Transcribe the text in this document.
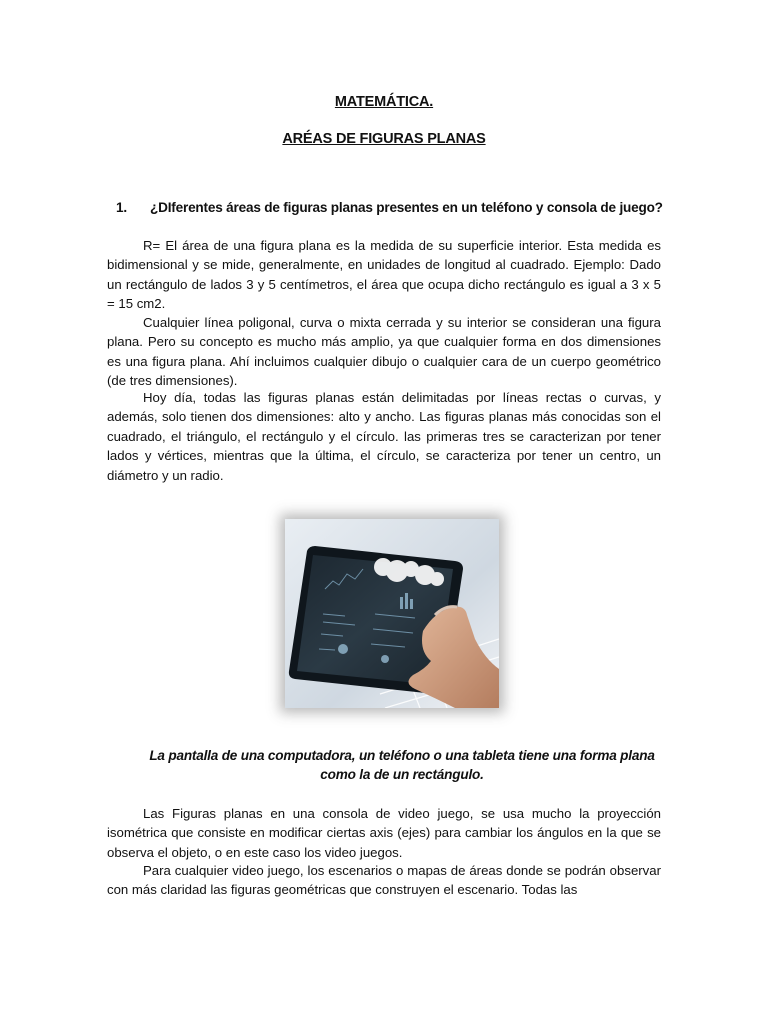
MATEMÁTICA.
ARÉAS DE FIGURAS PLANAS
1. ¿DIferentes áreas de figuras planas presentes en un teléfono y consola de juego?

R= El área de una figura plana es la medida de su superficie interior. Esta medida es bidimensional y se mide, generalmente, en unidades de longitud al cuadrado. Ejemplo: Dado un rectángulo de lados 3 y 5 centímetros, el área que ocupa dicho rectángulo es igual a 3 x 5 = 15 cm2.

Cualquier línea poligonal, curva o mixta cerrada y su interior se consideran una figura plana. Pero su concepto es mucho más amplio, ya que cualquier forma en dos dimensiones es una figura plana. Ahí incluimos cualquier dibujo o cualquier cara de un cuerpo geométrico (de tres dimensiones).

Hoy día, todas las figuras planas están delimitadas por líneas rectas o curvas, y además, solo tienen dos dimensiones: alto y ancho. Las figuras planas más conocidas son el cuadrado, el triángulo, el rectángulo y el círculo. las primeras tres se caracterizan por tener lados y vértices, mientras que la última, el círculo, se caracteriza por tener un centro, un diámetro y un radio.

La pantalla de una computadora, un teléfono o una tableta tiene una forma plana
como la de un rectángulo.

Las Figuras planas en una consola de video juego, se usa mucho la proyección isométrica que consiste en modificar ciertas axis (ejes) para cambiar los ángulos en la que se observa el objeto, o en este caso los video juegos.

Para cualquier video juego, los escenarios o mapas de áreas donde se podrán observar con más claridad las figuras geométricas que construyen el escenario. Todas las
